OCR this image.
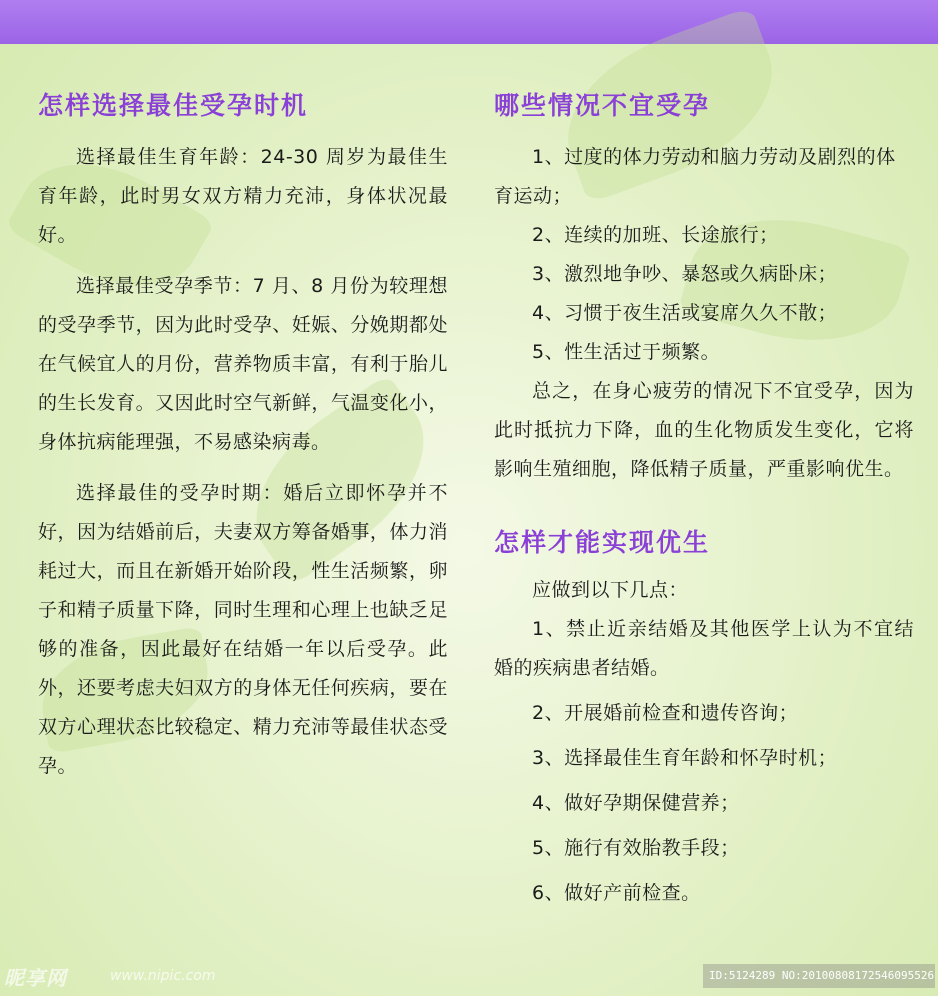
怎样选择最佳受孕时机

选择最佳生育年龄：24-30 周岁为最佳生育年龄，此时男女双方精力充沛，身体状况最好。

选择最佳受孕季节：7 月、8 月份为较理想的受孕季节，因为此时受孕、妊娠、分娩期都处在气候宜人的月份，营养物质丰富，有利于胎儿的生长发育。又因此时空气新鲜，气温变化小，身体抗病能理强，不易感染病毒。

选择最佳的受孕时期：婚后立即怀孕并不好，因为结婚前后，夫妻双方筹备婚事，体力消耗过大，而且在新婚开始阶段，性生活频繁，卵子和精子质量下降，同时生理和心理上也缺乏足够的准备，因此最好在结婚一年以后受孕。此外，还要考虑夫妇双方的身体无任何疾病，要在双方心理状态比较稳定、精力充沛等最佳状态受孕。

哪些情况不宜受孕

1、过度的体力劳动和脑力劳动及剧烈的体育运动；

2、连续的加班、长途旅行；

3、激烈地争吵、暴怒或久病卧床；

4、习惯于夜生活或宴席久久不散；

5、性生活过于频繁。

总之，在身心疲劳的情况下不宜受孕，因为此时抵抗力下降，血的生化物质发生变化，它将影响生殖细胞，降低精子质量，严重影响优生。

怎样才能实现优生

应做到以下几点：

1、禁止近亲结婚及其他医学上认为不宜结婚的疾病患者结婚。

2、开展婚前检查和遗传咨询；

3、选择最佳生育年龄和怀孕时机；

4、做好孕期保健营养；

5、施行有效胎教手段；

6、做好产前检查。

昵享网	www.nipic.com	ID:5124289 NO:20100808172546095526
